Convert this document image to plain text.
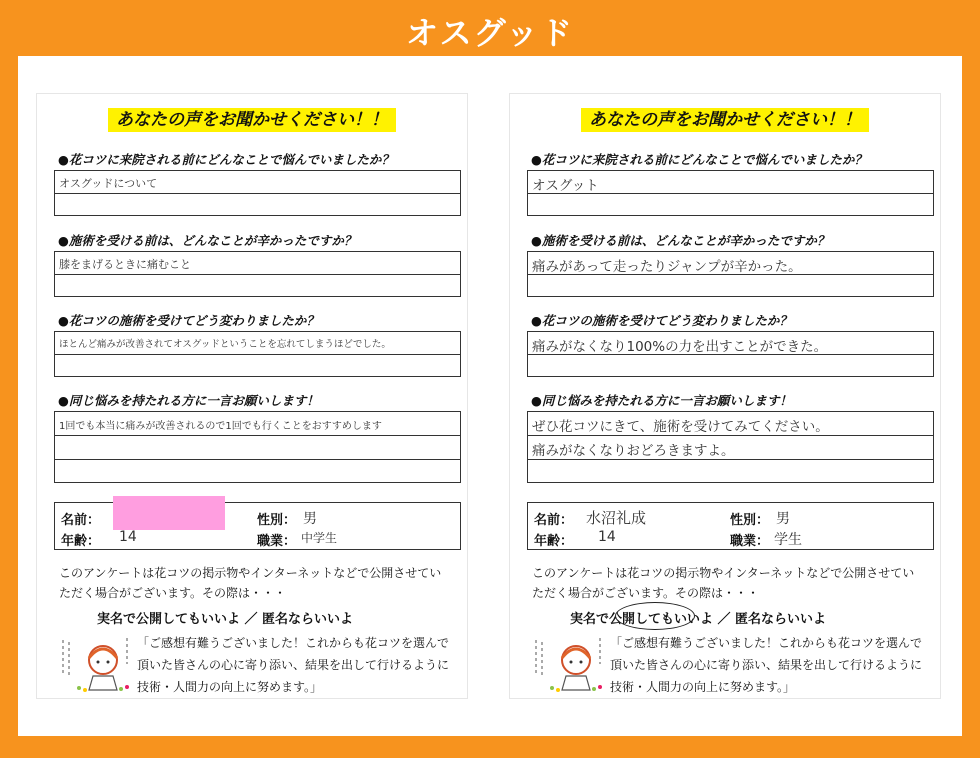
オスグッド
あなたの声をお聞かせください！！
●花コツに来院される前にどんなことで悩んでいましたか？
オスグッドについて
●施術を受ける前は、どんなことが辛かったですか？
膝をまげるときに痛むこと
●花コツの施術を受けてどう変わりましたか？
ほとんど痛みが改善されてオスグッドということを忘れてしまうほどでした。
●同じ悩みを持たれる方に一言お願いします！
1回でも本当に痛みが改善されるので1回でも行くことをおすすめします
名前：
年齢： 14
性別： 男
職業： 中学生
このアンケートは花コツの掲示物やインターネットなどで公開させてい
ただく場合がございます。その際は・・・
実名で公開してもいいよ ／ 匿名ならいいよ
「ご感想有難うございました！これからも花コツを選んで
頂いた皆さんの心に寄り添い、結果を出して行けるように
技術・人間力の向上に努めます。」
あなたの声をお聞かせください！！
●花コツに来院される前にどんなことで悩んでいましたか？
オスグット
●施術を受ける前は、どんなことが辛かったですか？
痛みがあって走ったりジャンプが辛かった。
●花コツの施術を受けてどう変わりましたか？
痛みがなくなり100%の力を出すことができた。
●同じ悩みを持たれる方に一言お願いします！
ぜひ花コツにきて、施術を受けてみてください。
痛みがなくなりおどろきますよ。
名前： 水沼礼成
年齢： 14
性別： 男
職業： 学生
このアンケートは花コツの掲示物やインターネットなどで公開させてい
ただく場合がございます。その際は・・・
実名で公開してもいいよ ／ 匿名ならいいよ
「ご感想有難うございました！これからも花コツを選んで
頂いた皆さんの心に寄り添い、結果を出して行けるように
技術・人間力の向上に努めます。」
